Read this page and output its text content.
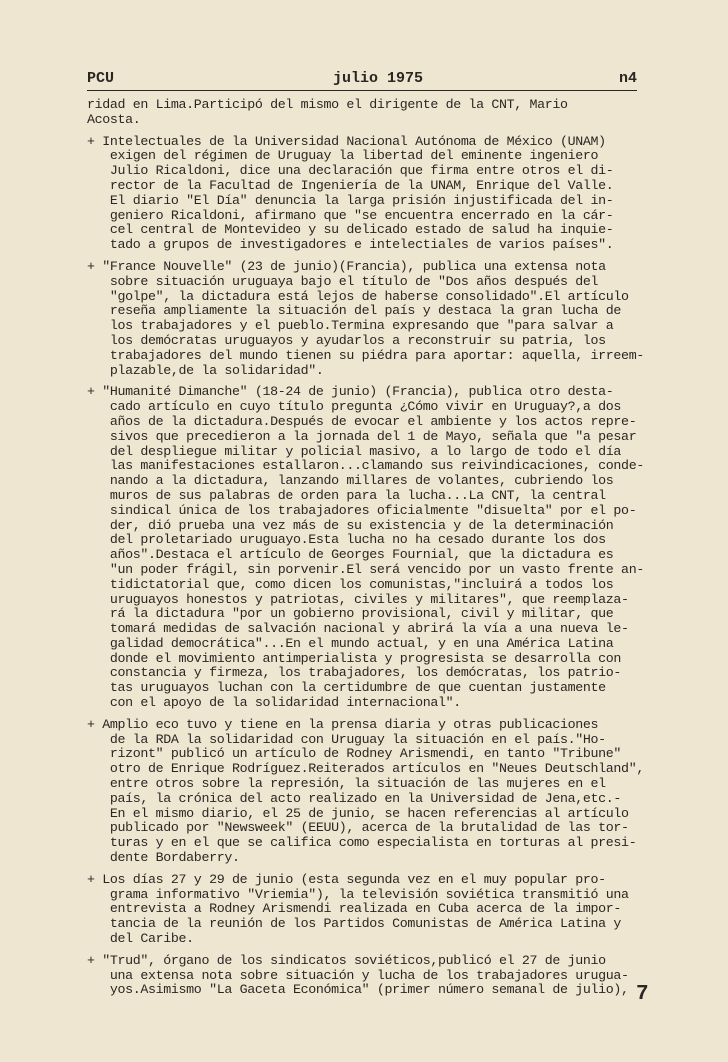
PCU	julio 1975	n4
ridad en Lima.Participó del mismo el dirigente de la CNT, Mario
Acosta.
+ Intelectuales de la Universidad Nacional Autónoma de México (UNAM)
exigen del régimen de Uruguay la libertad del eminente ingeniero
Julio Ricaldoni, dice una declaración que firma entre otros el di-
rector de la Facultad de Ingeniería de la UNAM, Enrique del Valle.
El diario "El Día" denuncia la larga prisión injustificada del in-
geniero Ricaldoni, afirmano que "se encuentra encerrado en la cár-
cel central de Montevideo y su delicado estado de salud ha inquie-
tado a grupos de investigadores e intelectiales de varios países".
+ "France Nouvelle" (23 de junio)(Francia), publica una extensa nota
sobre situación uruguaya bajo el título de "Dos años después del
"golpe", la dictadura está lejos de haberse consolidado".El artículo
reseña ampliamente la situación del país y destaca la gran lucha de
los trabajadores y el pueblo.Termina expresando que "para salvar a
los demócratas uruguayos y ayudarlos a reconstruir su patria, los
trabajadores del mundo tienen su piédra para aportar: aquella, irreem-
plazable,de la solidaridad".
+ "Humanité Dimanche" (18-24 de junio) (Francia), publica otro desta-
cado artículo en cuyo título pregunta ¿Cómo vivir en Uruguay?,a dos
años de la dictadura.Después de evocar el ambiente y los actos repre-
sivos que precedieron a la jornada del 1 de Mayo, señala que "a pesar
del despliegue militar y policial masivo, a lo largo de todo el día
las manifestaciones estallaron...clamando sus reivindicaciones, conde-
nando a la dictadura, lanzando millares de volantes, cubriendo los
muros de sus palabras de orden para la lucha...La CNT, la central
sindical única de los trabajadores oficialmente "disuelta" por el po-
der, dió prueba una vez más de su existencia y de la determinación
del proletariado uruguayo.Esta lucha no ha cesado durante los dos
años".Destaca el artículo de Georges Fournial, que la dictadura es
"un poder frágil, sin porvenir.El será vencido por un vasto frente an-
tidictatorial que, como dicen los comunistas,"incluirá a todos los
uruguayos honestos y patriotas, civiles y militares", que reemplaza-
rá la dictadura "por un gobierno provisional, civil y militar, que
tomará medidas de salvación nacional y abrirá la vía a una nueva le-
galidad democrática"...En el mundo actual, y en una América Latina
donde el movimiento antimperialista y progresista se desarrolla con
constancia y firmeza, los trabajadores, los demócratas, los patrio-
tas uruguayos luchan con la certidumbre de que cuentan justamente
con el apoyo de la solidaridad internacional".
+ Amplio eco tuvo y tiene en la prensa diaria y otras publicaciones
de la RDA la solidaridad con Uruguay la situación en el país."Ho-
rizont" publicó un artículo de Rodney Arismendi, en tanto "Tribune"
otro de Enrique Rodríguez.Reiterados artículos en "Neues Deutschland",
entre otros sobre la represión, la situación de las mujeres en el
país, la crónica del acto realizado en la Universidad de Jena,etc.-
En el mismo diario, el 25 de junio, se hacen referencias al artículo
publicado por "Newsweek" (EEUU), acerca de la brutalidad de las tor-
turas y en el que se califica como especialista en torturas al presi-
dente Bordaberry.
+ Los días 27 y 29 de junio (esta segunda vez en el muy popular pro-
grama informativo "Vriemia"), la televisión soviética transmitió una
entrevista a Rodney Arismendi realizada en Cuba acerca de la impor-
tancia de la reunión de los Partidos Comunistas de América Latina y
del Caribe.
+ "Trud", órgano de los sindicatos soviéticos,publicó el 27 de junio
una extensa nota sobre situación y lucha de los trabajadores urugua-
yos.Asimismo "La Gaceta Económica" (primer número semanal de julio), 7
